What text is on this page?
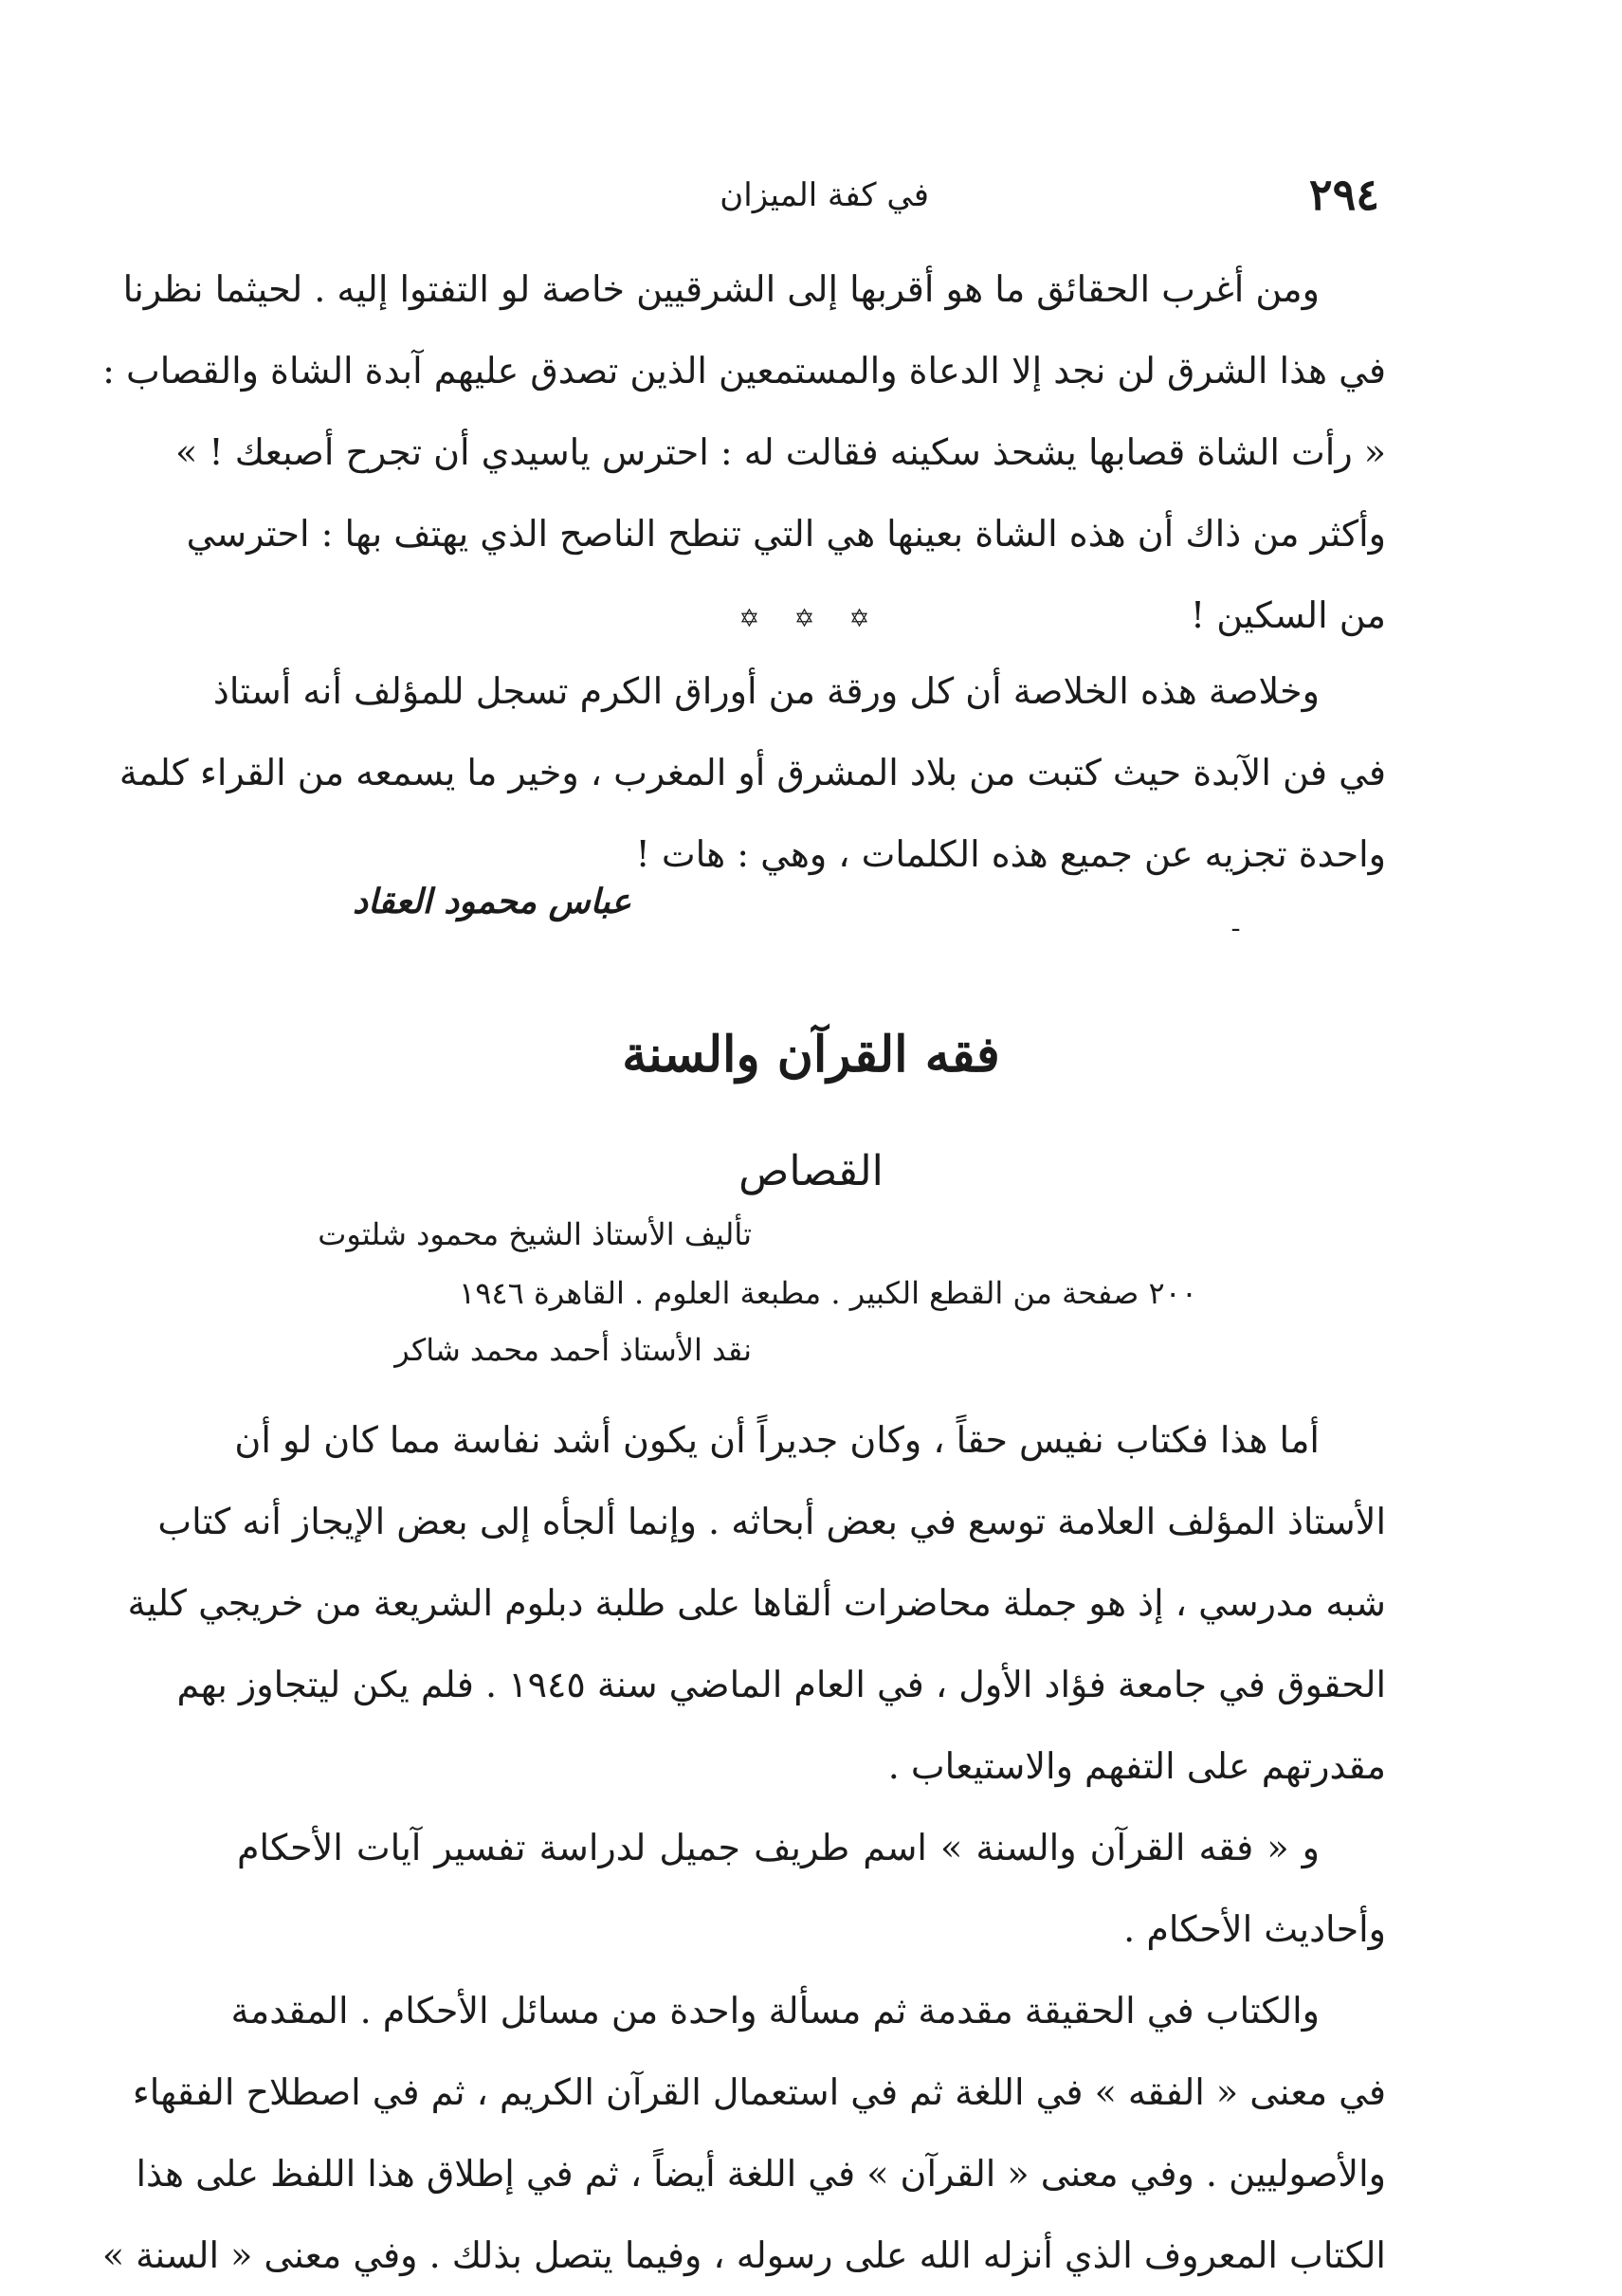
٢٩٤
في كفة الميزان
ومن أغرب الحقائق ما هو أقربها إلى الشرقيين خاصة لو التفتوا إليه . لحيثما نظرنا
في هذا الشرق لن نجد إلا الدعاة والمستمعين الذين تصدق عليهم آبدة الشاة والقصاب :
« رأت الشاة قصابها يشحذ سكينه فقالت له : احترس ياسيدي أن تجرح أصبعك ! »
وأكثر من ذاك أن هذه الشاة بعينها هي التي تنطح الناصح الذي يهتف بها : احترسي
من السكين !
✡ ✡ ✡
وخلاصة هذه الخلاصة أن كل ورقة من أوراق الكرم تسجل للمؤلف أنه أستاذ
في فن الآبدة حيث كتبت من بلاد المشرق أو المغرب ، وخير ما يسمعه من القراء كلمة
واحدة تجزيه عن جميع هذه الكلمات ، وهي : هات !
عباس محمود العقاد
ـ
فقه القرآن والسنة
القصاص
تأليف الأستاذ الشيخ محمود شلتوت
٢٠٠ صفحة من القطع الكبير . مطبعة العلوم . القاهرة ١٩٤٦
نقد الأستاذ أحمد محمد شاكر
أما هذا فكتاب نفيس حقاً ، وكان جديراً أن يكون أشد نفاسة مما كان لو أن
الأستاذ المؤلف العلامة توسع في بعض أبحاثه . وإنما ألجأه إلى بعض الإيجاز أنه كتاب
شبه مدرسي ، إذ هو جملة محاضرات ألقاها على طلبة دبلوم الشريعة من خريجي كلية
الحقوق في جامعة فؤاد الأول ، في العام الماضي سنة ١٩٤٥ . فلم يكن ليتجاوز بهم
مقدرتهم على التفهم والاستيعاب .
و « فقه القرآن والسنة » اسم طريف جميل لدراسة تفسير آيات الأحكام
وأحاديث الأحكام .
والكتاب في الحقيقة مقدمة ثم مسألة واحدة من مسائل الأحكام . المقدمة
في معنى « الفقه » في اللغة ثم في استعمال القرآن الكريم ، ثم في اصطلاح الفقهاء
والأصوليين . وفي معنى « القرآن » في اللغة أيضاً ، ثم في إطلاق هذا اللفظ على هذا
الكتاب المعروف الذي أنزله الله على رسوله ، وفيما يتصل بذلك . وفي معنى « السنة »
